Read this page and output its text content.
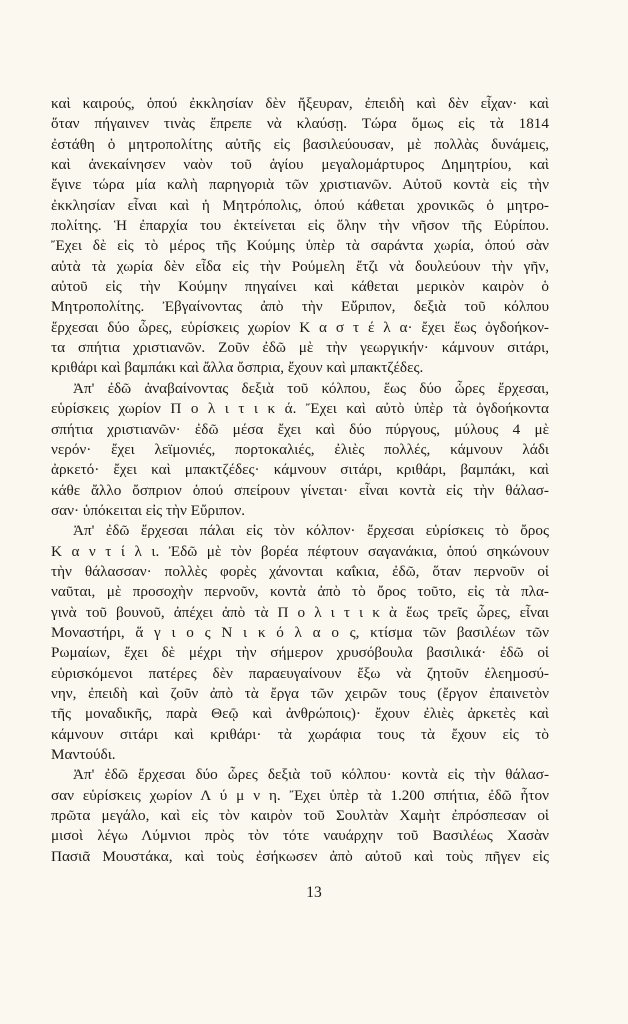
καὶ καιρούς, ὁπού ἐκκλησίαν δὲν ἤξευραν, ἐπειδὴ καὶ δὲν εἶχαν· καὶ
ὅταν πήγαινεν τινὰς ἔπρεπε νὰ κλαύσῃ. Τώρα ὅμως εἰς τὰ 1814
ἐστάθη ὁ μητροπολίτης αὐτῆς εἰς βασιλεύουσαν, μὲ πολλὰς δυνάμεις,
καὶ ἀνεκαίνησεν ναὸν τοῦ ἁγίου μεγαλομάρτυρος Δημητρίου, καὶ
ἔγινε τώρα μία καλὴ παρηγοριὰ τῶν χριστιανῶν. Αὐτοῦ κοντὰ εἰς τὴν
ἐκκλησίαν εἶναι καὶ ἡ Μητρόπολις, ὁπού κάθεται χρονικῶς ὁ μητρο-
πολίτης. Ἡ ἐπαρχία του ἐκτείνεται εἰς ὅλην τὴν νῆσον τῆς Εὐρίπου.
Ἔχει δὲ εἰς τὸ μέρος τῆς Κούμης ὑπὲρ τὰ σαράντα χωρία, ὁπού σὰν
αὐτὰ τὰ χωρία δὲν εἶδα εἰς τὴν Ρούμελη ἔτζι νὰ δουλεύουν τὴν γῆν,
αὐτοῦ εἰς τὴν Κούμην πηγαίνει καὶ κάθεται μερικὸν καιρὸν ὁ
Μητροπολίτης. Ἐβγαίνοντας ἀπὸ τὴν Εὔριπον, δεξιὰ τοῦ κόλπου
ἔρχεσαι δύο ὧρες, εὑρίσκεις χωρίον Κ α σ τ έ λ α· ἔχει ἕως ὀγδοήκον-
τα σπήτια χριστιανῶν. Ζοῦν ἐδῶ μὲ τὴν γεωργικήν· κάμνουν σιτάρι,
κριθάρι καὶ βαμπάκι καὶ ἄλλα ὄσπρια, ἔχουν καὶ μπακτζέδες.
Ἀπ' ἐδῶ ἀναβαίνοντας δεξιὰ τοῦ κόλπου, ἕως δύο ὧρες ἔρχεσαι,
εὑρίσκεις χωρίον Π ο λ ι τ ι κ ά. Ἔχει καὶ αὐτὸ ὑπὲρ τὰ ὀγδοήκοντα
σπήτια χριστιανῶν· ἐδῶ μέσα ἔχει καὶ δύο πύργους, μύλους 4 μὲ
νερόν· ἔχει λεϊμονιές, πορτοκαλιές, ἐλιὲς πολλές, κάμνουν λάδι
ἀρκετό· ἔχει καὶ μπακτζέδες· κάμνουν σιτάρι, κριθάρι, βαμπάκι, καὶ
κάθε ἄλλο ὄσπριον ὁπού σπείρουν γίνεται· εἶναι κοντὰ εἰς τὴν θάλασ-
σαν· ὑπόκειται εἰς τὴν Εὔριπον.
Ἀπ' ἐδῶ ἔρχεσαι πάλαι εἰς τὸν κόλπον· ἔρχεσαι εὑρίσκεις τὸ ὄρος
Κ α ν τ ί λ ι. Ἐδῶ μὲ τὸν βορέα πέφτουν σαγανάκια, ὁπού σηκώνουν
τὴν θάλασσαν· πολλὲς φορὲς χάνονται καΐκια, ἐδῶ, ὅταν περνοῦν οἱ
ναῦται, μὲ προσοχὴν περνοῦν, κοντὰ ἀπὸ τὸ ὄρος τοῦτο, εἰς τὰ πλα-
γινὰ τοῦ βουνοῦ, ἀπέχει ἀπὸ τὰ Π ο λ ι τ ι κ ὰ ἕως τρεῖς ὧρες, εἶναι
Μοναστήρι, ἅ γ ι ο ς Ν ι κ ό λ α ο ς, κτίσμα τῶν βασιλέων τῶν
Ρωμαίων, ἔχει δὲ μέχρι τὴν σήμερον χρυσόβουλα βασιλικά· ἐδῶ οἱ
εὑρισκόμενοι πατέρες δὲν παραευγαίνουν ἔξω νὰ ζητοῦν ἐλεημοσύ-
νην, ἐπειδὴ καὶ ζοῦν ἀπὸ τὰ ἔργα τῶν χειρῶν τους (ἔργον ἐπαινετὸν
τῆς μοναδικῆς, παρὰ Θεῷ καὶ ἀνθρώποις)· ἔχουν ἐλιὲς ἀρκετὲς καὶ
κάμνουν σιτάρι καὶ κριθάρι· τὰ χωράφια τους τὰ ἔχουν εἰς τὸ
Μαντούδι.
Ἀπ' ἐδῶ ἔρχεσαι δύο ὧρες δεξιὰ τοῦ κόλπου· κοντὰ εἰς τὴν θάλασ-
σαν εὑρίσκεις χωρίον Λ ύ μ ν η. Ἔχει ὑπὲρ τὰ 1.200 σπήτια, ἐδῶ ἦτον
πρῶτα μεγάλο, καὶ εἰς τὸν καιρὸν τοῦ Σουλτὰν Χαμὴτ ἐπρόσπεσαν οἱ
μισοὶ λέγω Λύμνιοι πρὸς τὸν τότε ναυάρχην τοῦ Βασιλέως Χασὰν
Πασιᾶ Μουστάκα, καὶ τοὺς ἐσήκωσεν ἀπὸ αὐτοῦ καὶ τοὺς πῆγεν εἰς
13
